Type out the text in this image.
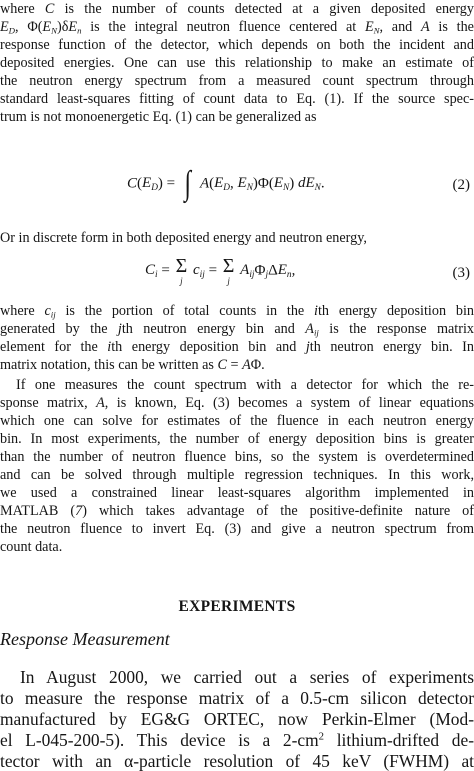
where C is the number of counts detected at a given deposited energy
$E_D$, $\Phi(E_N)\delta E_n$ is the integral neutron fluence centered at $E_N$, and A is the
response function of the detector, which depends on both the incident and
deposited energies. One can use this relationship to make an estimate of
the neutron energy spectrum from a measured count spectrum through
standard least-squares fitting of count data to Eq. (1). If the source spec-
trum is not monoenergetic Eq. (1) can be generalized as
$C(E_D)$ = ∫ $A(E_D$, $E_N)\Phi(E_N)$ $dE_N$.	(2)
Or in discrete form in both deposited energy and neutron energy,
$C_i = \Sigma$
j
$c_{ij} = \Sigma$
j
$A_{ij}\Phi_j\Delta E_n$,	(3)
where $c_{ij}$ is the portion of total counts in the ith energy deposition bin
generated by the jth neutron energy bin and $A_{ij}$ is the response matrix
element for the ith energy deposition bin and jth neutron energy bin. In
matrix notation, this can be written as C = AΦ.
If one measures the count spectrum with a detector for which the re-
sponse matrix, A, is known, Eq. (3) becomes a system of linear equations
which one can solve for estimates of the fluence in each neutron energy
bin. In most experiments, the number of energy deposition bins is greater
than the number of neutron fluence bins, so the system is overdetermined
and can be solved through multiple regression techniques. In this work,
we used a constrained linear least-squares algorithm implemented in
MATLAB (7) which takes advantage of the positive-definite nature of
the neutron fluence to invert Eq. (3) and give a neutron spectrum from
count data.
EXPERIMENTS
Response Measurement
In August 2000, we carried out a series of experiments
to measure the response matrix of a 0.5-cm silicon detector
manufactured by EG&G ORTEC, now Perkin-Elmer (Mod-
el L-045-200-5). This device is a $2-cm^2$ lithium-drifted de-
tector with an α-particle resolution of 45 keV (FWHM) at
